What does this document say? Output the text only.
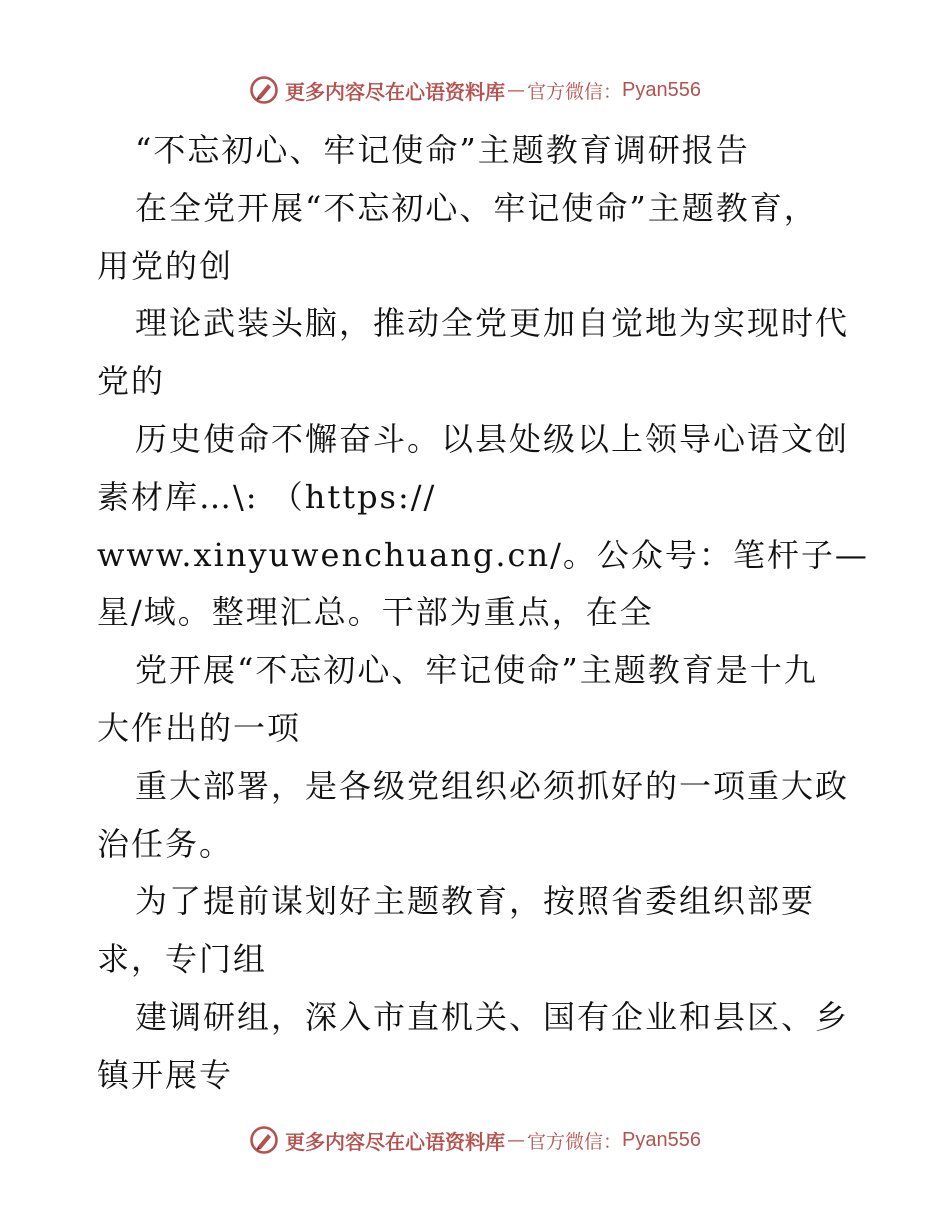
更多内容尽在心语资料库 — 官方微信： Pyan556
“不忘初心、牢记使命”主题教育调研报告
在全党开展“不忘初心、牢记使命”主题教育，
用党的创
理论武装头脑，推动全党更加自觉地为实现时代
党的
历史使命不懈奋斗。以县处级以上领导心语文创
素材库…\: （https://
www.xinyuwenchuang.cn/。公众号：笔杆子—
星/域。整理汇总。干部为重点，在全
党开展“不忘初心、牢记使命”主题教育是十九
大作出的一项
重大部署，是各级党组织必须抓好的一项重大政
治任务。
为了提前谋划好主题教育，按照省委组织部要
求，专门组
建调研组，深入市直机关、国有企业和县区、乡
镇开展专
更多内容尽在心语资料库 — 官方微信： Pyan556
